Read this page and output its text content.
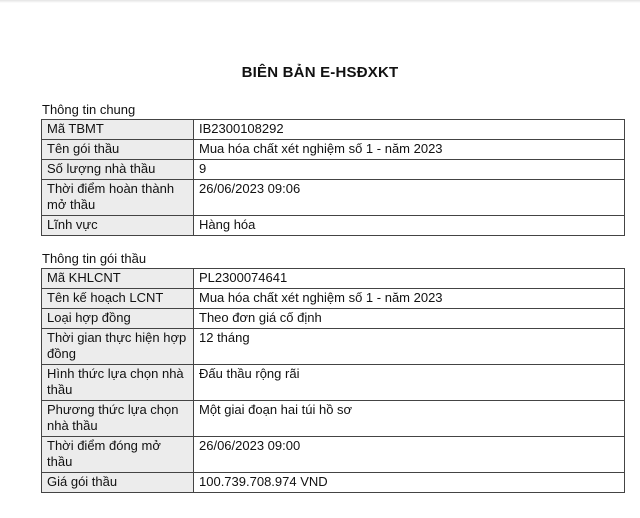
BIÊN BẢN E-HSĐXKT
Thông tin chung
Mã TBMT	IB2300108292
Tên gói thầu	Mua hóa chất xét nghiệm số 1 - năm 2023
Số lượng nhà thầu	9
Thời điểm hoàn thành mở thầu	26/06/2023 09:06
Lĩnh vực	Hàng hóa
Thông tin gói thầu
Mã KHLCNT	PL2300074641
Tên kế hoạch LCNT	Mua hóa chất xét nghiệm số 1 - năm 2023
Loại hợp đồng	Theo đơn giá cố định
Thời gian thực hiện hợp đồng	12 tháng
Hình thức lựa chọn nhà thầu	Đấu thầu rộng rãi
Phương thức lựa chọn nhà thầu	Một giai đoạn hai túi hồ sơ
Thời điểm đóng mở thầu	26/06/2023 09:00
Giá gói thầu	100.739.708.974 VND
